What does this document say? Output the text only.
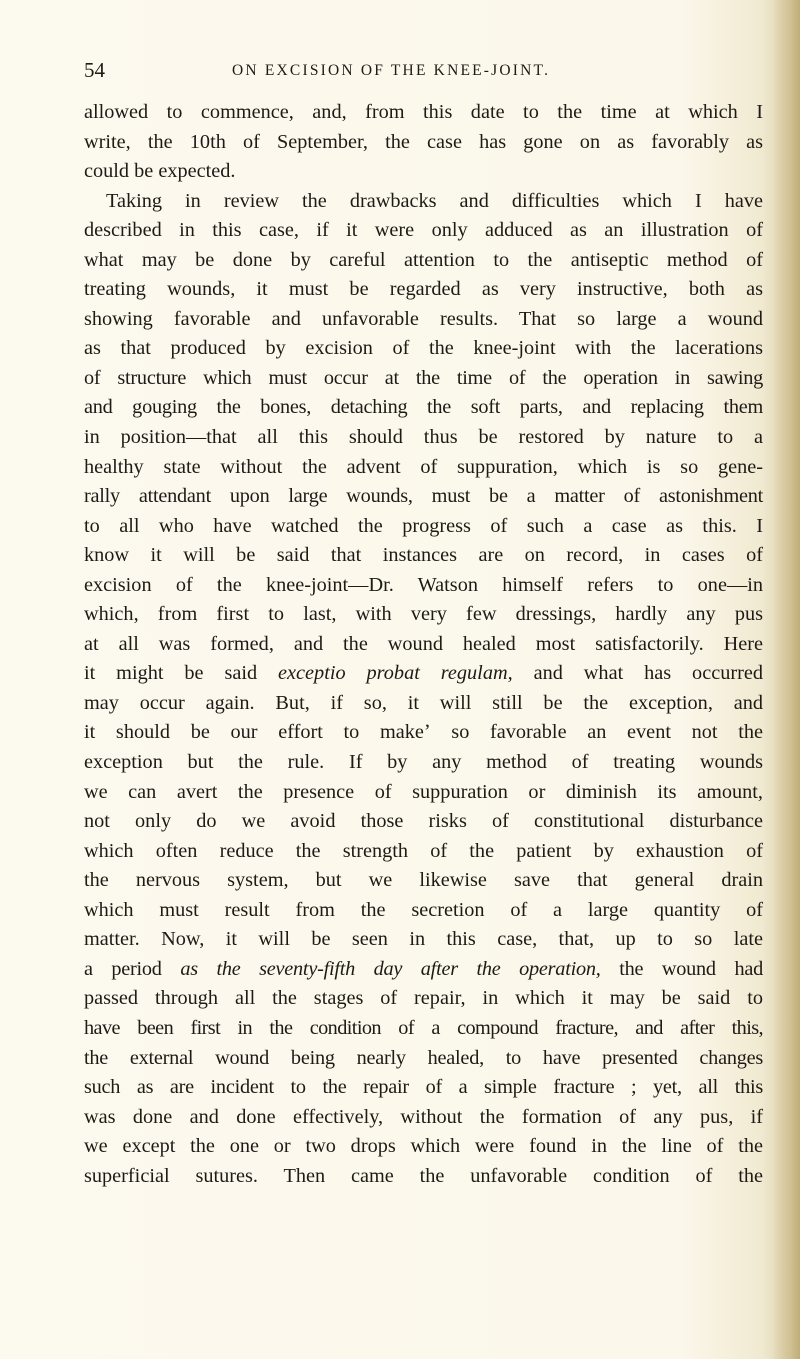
54	ON EXCISION OF THE KNEE-JOINT.
allowed to commence, and, from this date to the time at which I
write, the 10th of September, the case has gone on as favorably as
could be expected.
Taking in review the drawbacks and difficulties which I have
described in this case, if it were only adduced as an illustration of
what may be done by careful attention to the antiseptic method of
treating wounds, it must be regarded as very instructive, both as
showing favorable and unfavorable results. That so large a wound
as that produced by excision of the knee-joint with the lacerations
of structure which must occur at the time of the operation in sawing
and gouging the bones, detaching the soft parts, and replacing them
in position—that all this should thus be restored by nature to a
healthy state without the advent of suppuration, which is so gene-
rally attendant upon large wounds, must be a matter of astonishment
to all who have watched the progress of such a case as this. I
know it will be said that instances are on record, in cases of
excision of the knee-joint—Dr. Watson himself refers to one—in
which, from first to last, with very few dressings, hardly any pus
at all was formed, and the wound healed most satisfactorily. Here
it might be said exceptio probat regulam, and what has occurred
may occur again. But, if so, it will still be the exception, and
it should be our effort to makeʼ so favorable an event not the
exception but the rule. If by any method of treating wounds
we can avert the presence of suppuration or diminish its amount,
not only do we avoid those risks of constitutional disturbance
which often reduce the strength of the patient by exhaustion of
the nervous system, but we likewise save that general drain
which must result from the secretion of a large quantity of
matter. Now, it will be seen in this case, that, up to so late
a period as the seventy-fifth day after the operation, the wound had
passed through all the stages of repair, in which it may be said to
have been first in the condition of a compound fracture, and after this,
the external wound being nearly healed, to have presented changes
such as are incident to the repair of a simple fracture ; yet, all this
was done and done effectively, without the formation of any pus, if
we except the one or two drops which were found in the line of the
superficial sutures. Then came the unfavorable condition of the
